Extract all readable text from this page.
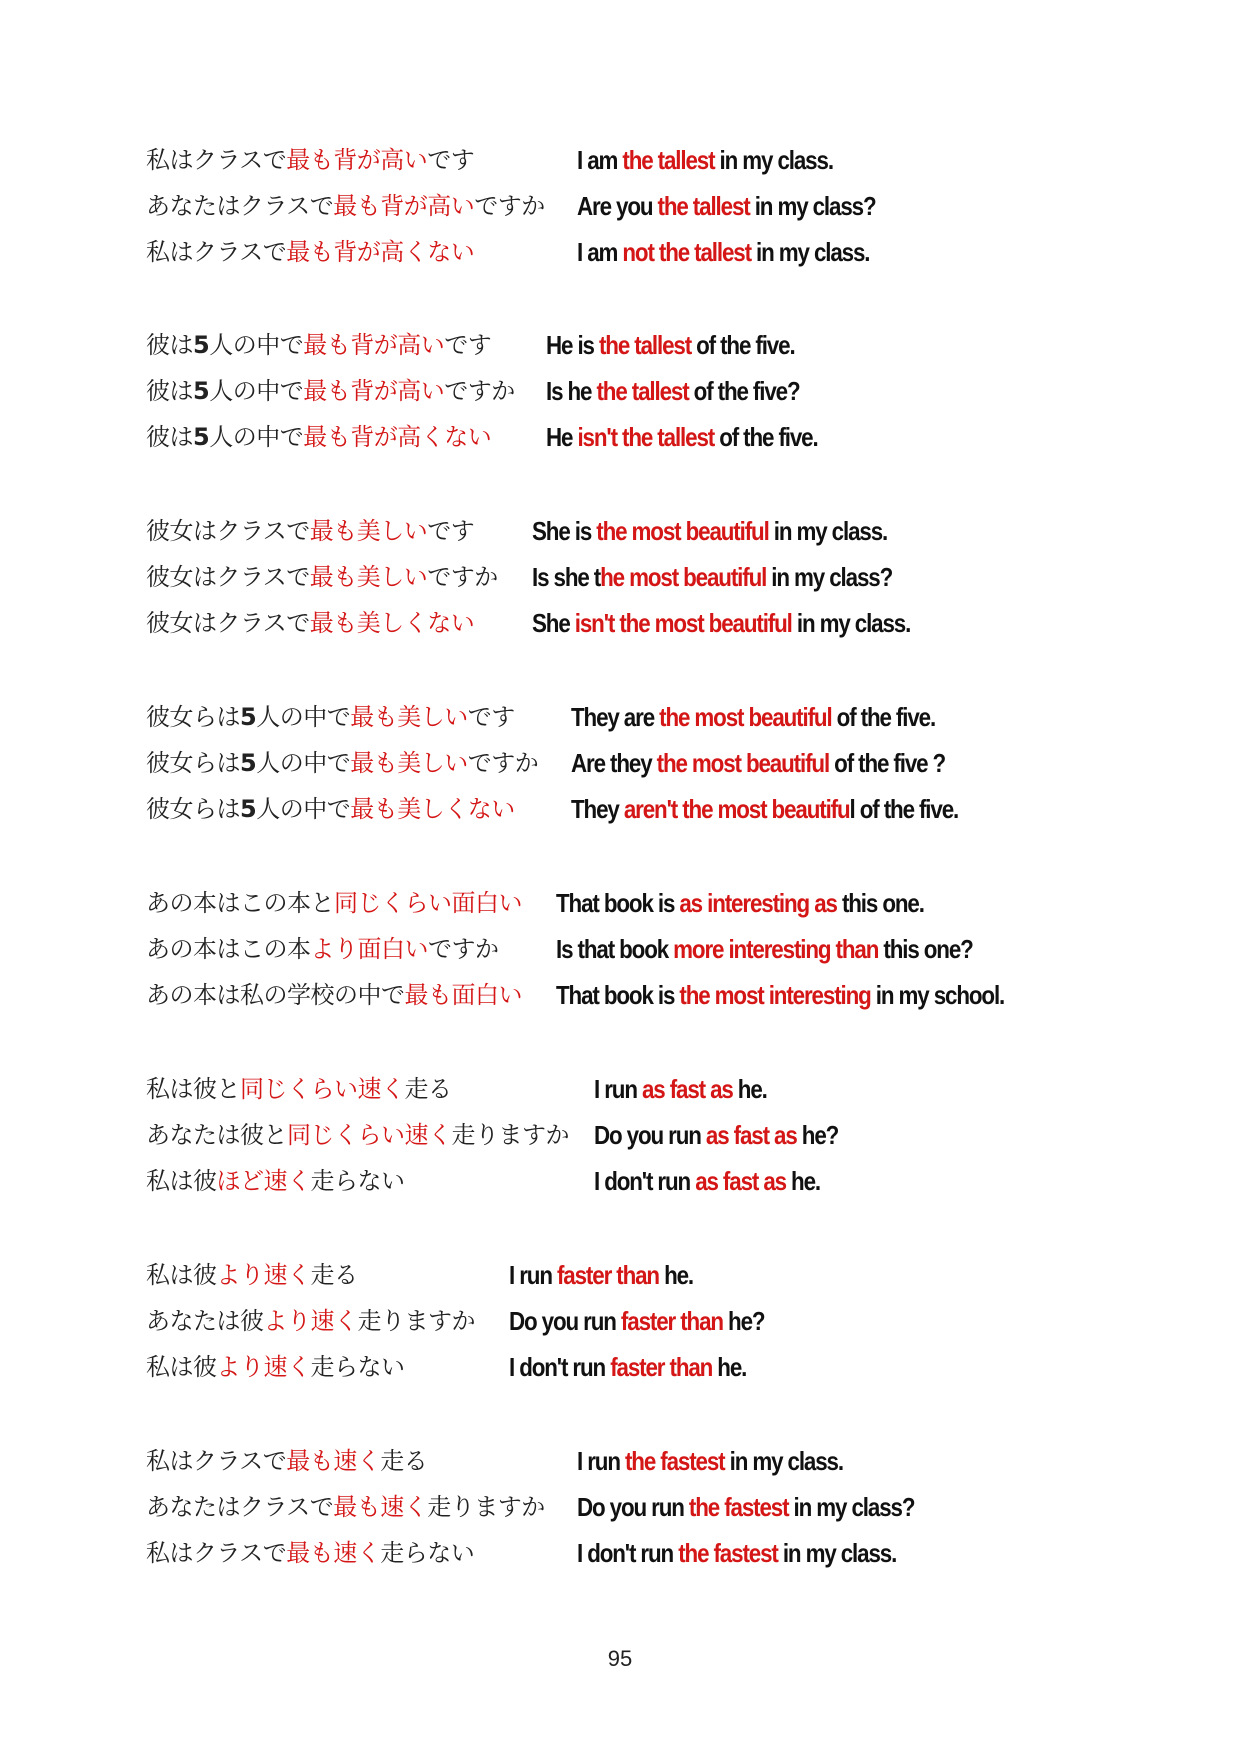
私はクラスで最も背が高いです	I am the tallest in my class.
あなたはクラスで最も背が高いですか Are you the tallest in my class?
私はクラスで最も背が高くない	I am not the tallest in my class.
彼は5人の中で最も背が高いです He is the tallest of the five.
彼は5人の中で最も背が高いですか Is he the tallest of the five?
彼は5人の中で最も背が高くない He isn't the tallest of the five.
彼女はクラスで最も美しいです She is the most beautiful in my class.
彼女はクラスで最も美しいですか Is she the most beautiful in my class?
彼女はクラスで最も美しくない She isn't the most beautiful in my class.
彼女らは5人の中で最も美しいです They are the most beautiful of the five.
彼女らは5人の中で最も美しいですか Are they the most beautiful of the five ?
彼女らは5人の中で最も美しくない They aren't the most beautiful of the five.
あの本はこの本と同じくらい面白い That book is as interesting as this one.
あの本はこの本より面白いですか Is that book more interesting than this one?
あの本は私の学校の中で最も面白い That book is the most interesting in my school.
私は彼と同じくらい速く走る	I run as fast as he.
あなたは彼と同じくらい速く走りますか Do you run as fast as he?
私は彼ほど速く走らない	I don't run as fast as he.
私は彼より速く走る	I run faster than he.
あなたは彼より速く走りますか Do you run faster than he?
私は彼より速く走らない	I don't run faster than he.
私はクラスで最も速く走る	I run the fastest in my class.
あなたはクラスで最も速く走りますか Do you run the fastest in my class?
私はクラスで最も速く走らない	I don't run the fastest in my class.
95
